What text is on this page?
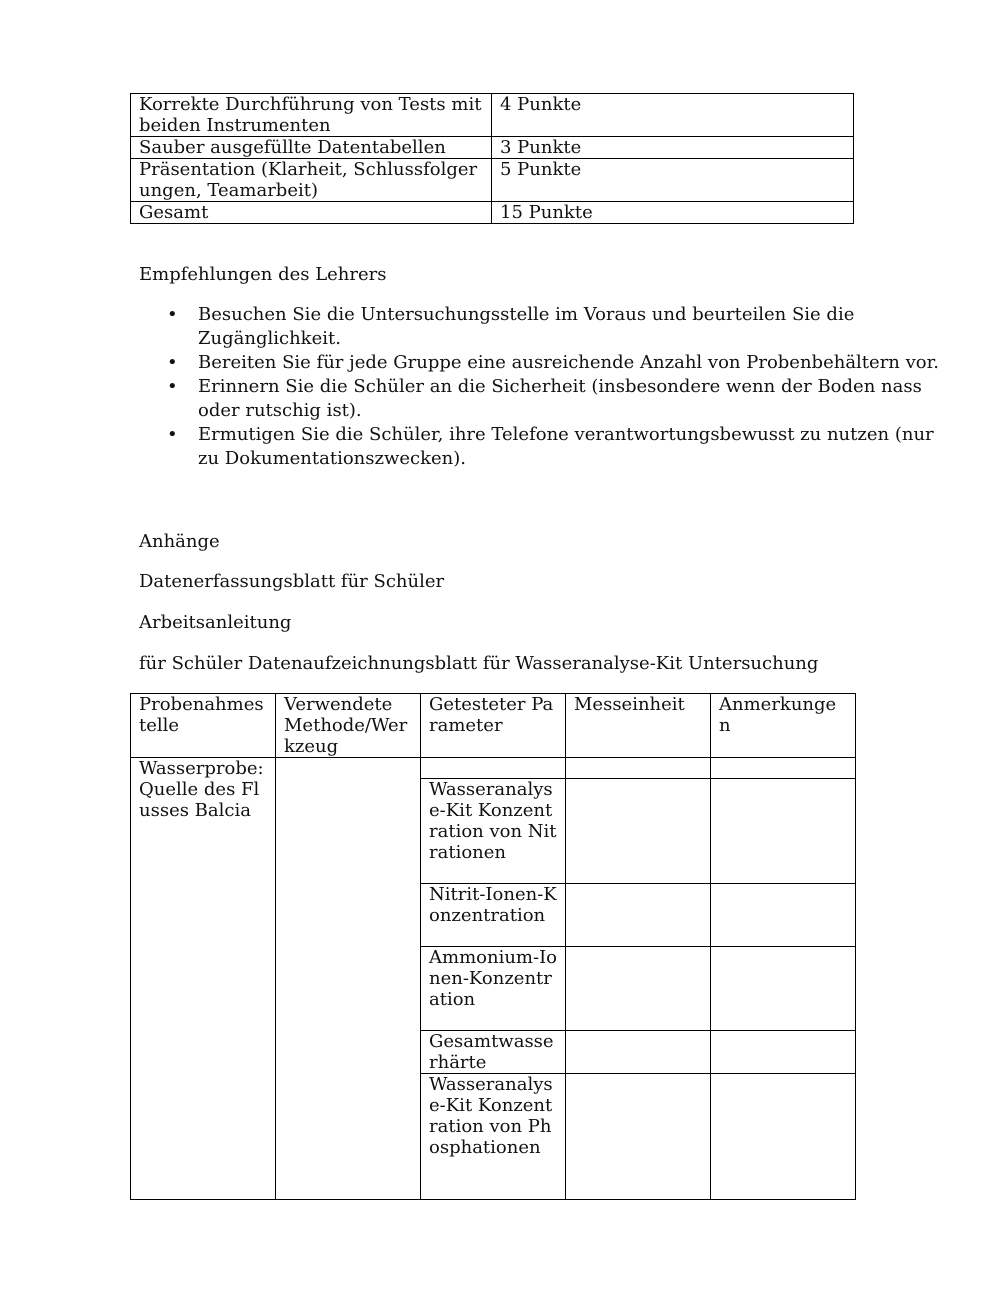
Korrekte Durchführung von Tests mit beiden Instrumenten	4 Punkte
Sauber ausgefüllte Datentabellen	3 Punkte
Präsentation (Klarheit, Schlussfolgerungen, Teamarbeit)	5 Punkte
Gesamt	15 Punkte

Empfehlungen des Lehrers

• Besuchen Sie die Untersuchungsstelle im Voraus und beurteilen Sie die Zugänglichkeit.
• Bereiten Sie für jede Gruppe eine ausreichende Anzahl von Probenbehältern vor.
• Erinnern Sie die Schüler an die Sicherheit (insbesondere wenn der Boden nass oder rutschig ist).
• Ermutigen Sie die Schüler, ihre Telefone verantwortungsbewusst zu nutzen (nur zu Dokumentationszwecken).

Anhänge

Datenerfassungsblatt für Schüler

Arbeitsanleitung

für Schüler Datenaufzeichnungsblatt für Wasseranalyse-Kit Untersuchung

Probenahmestelle	Verwendete Methode/Werkzeug	Getesteter Parameter	Messeinheit	Anmerkungen
Wasserprobe: Quelle des Flusses Balcia				
		Wasseranalyse-Kit Konzentration von Nitrationen		
		Nitrit-Ionen-Konzentration		
		Ammonium-Ionen-Konzentration		
		Gesamtwasserhärte		
		Wasseranalyse-Kit Konzentration von Phosphationen		
